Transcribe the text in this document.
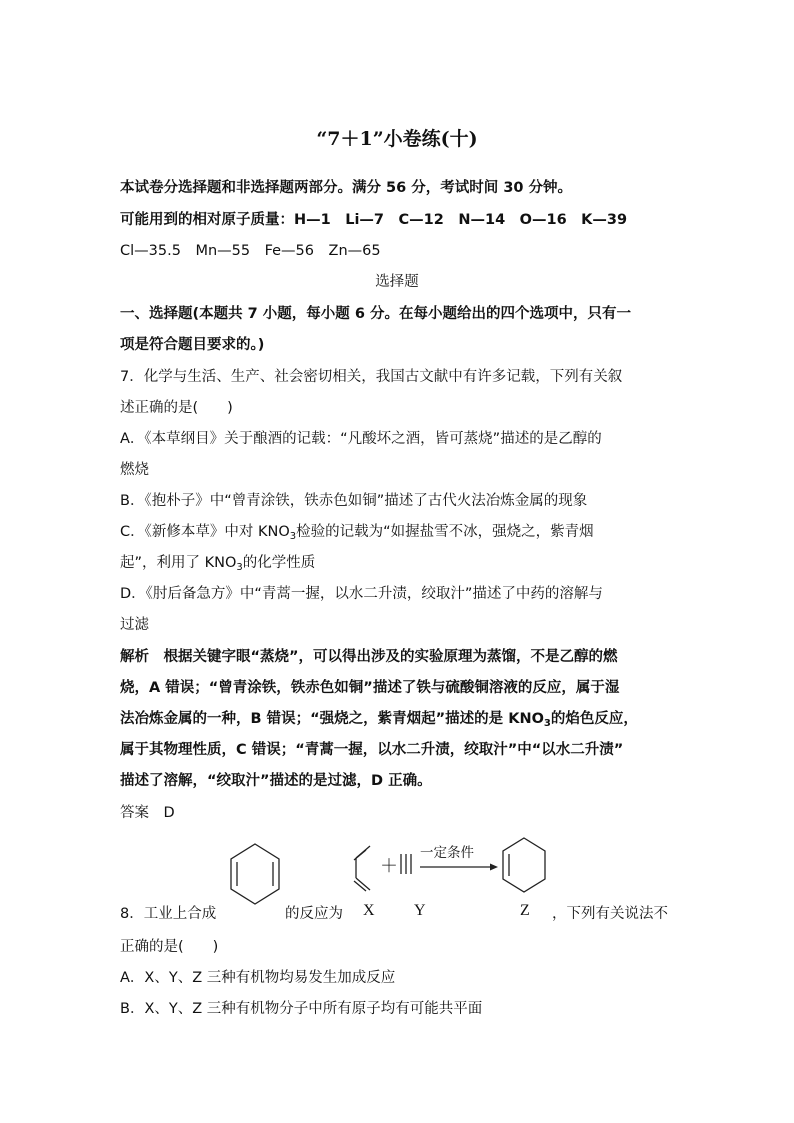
“7＋1”小卷练(十)
本试卷分选择题和非选择题两部分。满分 56 分，考试时间 30 分钟。
可能用到的相对原子质量：H—1　Li—7　C—12　N—14　O—16　K—39
Cl—35.5　Mn—55　Fe—56　Zn—65
选择题
一、选择题(本题共 7 小题，每小题 6 分。在每小题给出的四个选项中，只有一
项是符合题目要求的。)
7．化学与生活、生产、社会密切相关，我国古文献中有许多记载，下列有关叙
述正确的是(　　)
A．《本草纲目》关于酿酒的记载：“凡酸坏之酒，皆可蒸烧”描述的是乙醇的
燃烧
B．《抱朴子》中“曾青涂铁，铁赤色如铜”描述了古代火法冶炼金属的现象
C．《新修本草》中对 $KNO_3$检验的记载为“如握盐雪不冰，强烧之，紫青烟
起”，利用了 $KNO_3$的化学性质
D．《肘后备急方》中“青蒿一握，以水二升渍，绞取汁”描述了中药的溶解与
过滤
解析　根据关键字眼“蒸烧”，可以得出涉及的实验原理为蒸馏，不是乙醇的燃
烧，A 错误；“曾青涂铁，铁赤色如铜”描述了铁与硫酸铜溶液的反应，属于湿
法冶炼金属的一种，B 错误；“强烧之，紫青烟起”描述的是 $KNO_3$的焰色反应，
属于其物理性质，C 错误；“青蒿一握，以水二升渍，绞取汁”中“以水二升渍”
描述了溶解，“绞取汁”描述的是过滤，D 正确。
答案　D
＋
一定条件
X Y	Z
8．工业上合成	的反应为	，下列有关说法不
正确的是(　　)
A．X、Y、Z 三种有机物均易发生加成反应
B．X、Y、Z 三种有机物分子中所有原子均有可能共平面
